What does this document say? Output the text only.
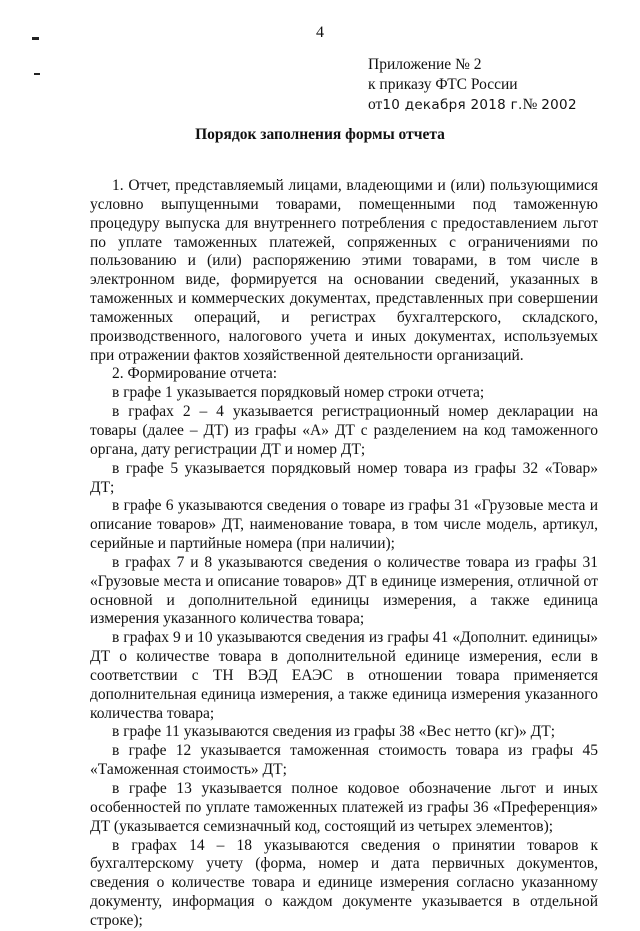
4
Приложение № 2
к приказу ФТС России
от10 декабря 2018 г.№ 2002
Порядок заполнения формы отчета

1. Отчет, представляемый лицами, владеющими и (или) пользующимися условно выпущенными товарами, помещенными под таможенную процедуру выпуска для внутреннего потребления с предоставлением льгот по уплате таможенных платежей, сопряженных с ограничениями по пользованию и (или) распоряжению этими товарами, в том числе в электронном виде, формируется на основании сведений, указанных в таможенных и коммерческих документах, представленных при совершении таможенных операций, и регистрах бухгалтерского, складского, производственного, налогового учета и иных документах, используемых при отражении фактов хозяйственной деятельности организаций.

2. Формирование отчета:

в графе 1 указывается порядковый номер строки отчета;

в графах 2 – 4 указывается регистрационный номер декларации на товары (далее – ДТ) из графы «А» ДТ с разделением на код таможенного органа, дату регистрации ДТ и номер ДТ;

в графе 5 указывается порядковый номер товара из графы 32 «Товар» ДТ;

в графе 6 указываются сведения о товаре из графы 31 «Грузовые места и описание товаров» ДТ, наименование товара, в том числе модель, артикул, серийные и партийные номера (при наличии);

в графах 7 и 8 указываются сведения о количестве товара из графы 31 «Грузовые места и описание товаров» ДТ в единице измерения, отличной от основной и дополнительной единицы измерения, а также единица измерения указанного количества товара;

в графах 9 и 10 указываются сведения из графы 41 «Дополнит. единицы» ДТ о количестве товара в дополнительной единице измерения, если в соответствии с ТН ВЭД ЕАЭС в отношении товара применяется дополнительная единица измерения, а также единица измерения указанного количества товара;

в графе 11 указываются сведения из графы 38 «Вес нетто (кг)» ДТ;

в графе 12 указывается таможенная стоимость товара из графы 45 «Таможенная стоимость» ДТ;

в графе 13 указывается полное кодовое обозначение льгот и иных особенностей по уплате таможенных платежей из графы 36 «Преференция» ДТ (указывается семизначный код, состоящий из четырех элементов);

в графах 14 – 18 указываются сведения о принятии товаров к бухгалтерскому учету (форма, номер и дата первичных документов, сведения о количестве товара и единице измерения согласно указанному документу, информация о каждом документе указывается в отдельной строке);
